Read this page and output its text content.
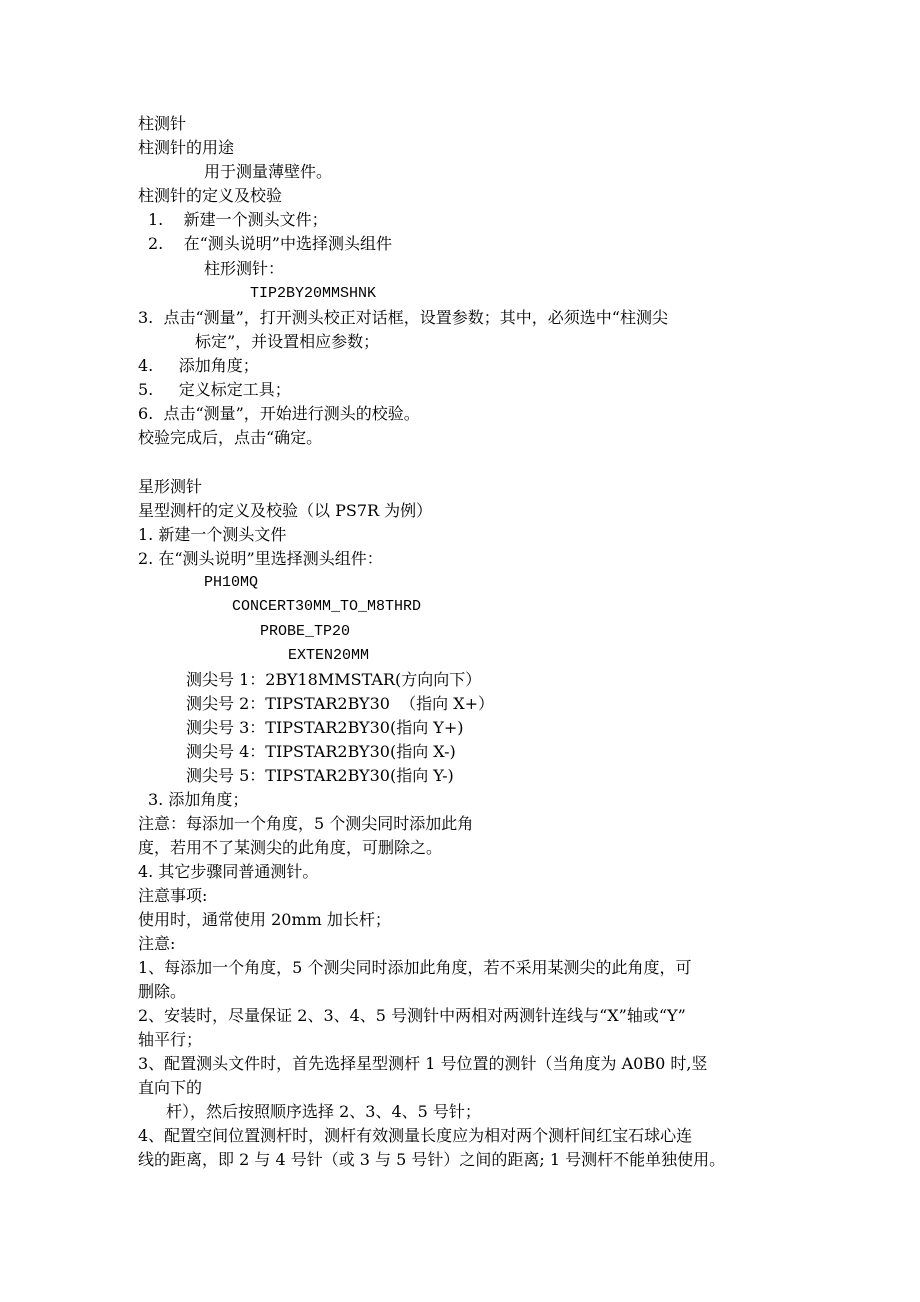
柱测针
柱测针的用途
用于测量薄壁件。
柱测针的定义及校验
1.    新建一个测头文件；
2.    在“测头说明”中选择测头组件
柱形测针：
TIP2BY20MMSHNK
3.  点击“测量”，打开测头校正对话框，设置参数；其中，必须选中“柱测尖
标定”，并设置相应参数；
4.     添加角度；
5.     定义标定工具；
6.  点击“测量”，开始进行测头的校验。
校验完成后，点击“确定。
星形测针
星型测杆的定义及校验（以 PS7R 为例）
1. 新建一个测头文件
2. 在“测头说明”里选择测头组件：
PH10MQ
CONCERT30MM_TO_M8THRD
PROBE_TP20
EXTEN20MM
测尖号 1：2BY18MMSTAR(方向向下）
测尖号 2：TIPSTAR2BY30  （指向 X+）
测尖号 3：TIPSTAR2BY30(指向 Y+)
测尖号 4：TIPSTAR2BY30(指向 X-)
测尖号 5：TIPSTAR2BY30(指向 Y-)
3. 添加角度；
注意：每添加一个角度，5 个测尖同时添加此角
度，若用不了某测尖的此角度，可删除之。
4. 其它步骤同普通测针。
注意事项:
使用时，通常使用 20mm 加长杆；
注意:
1、每添加一个角度，5 个测尖同时添加此角度，若不采用某测尖的此角度，可
删除。
2、安装时，尽量保证 2、3、4、5 号测针中两相对两测针连线与“X”轴或“Y”
轴平行；
3、配置测头文件时，首先选择星型测杆 1 号位置的测针（当角度为 A0B0 时,竖
直向下的
杆），然后按照顺序选择 2、3、4、5 号针；
4、配置空间位置测杆时，测杆有效测量长度应为相对两个测杆间红宝石球心连
线的距离，即 2 与 4 号针（或 3 与 5 号针）之间的距离; 1 号测杆不能单独使用。
